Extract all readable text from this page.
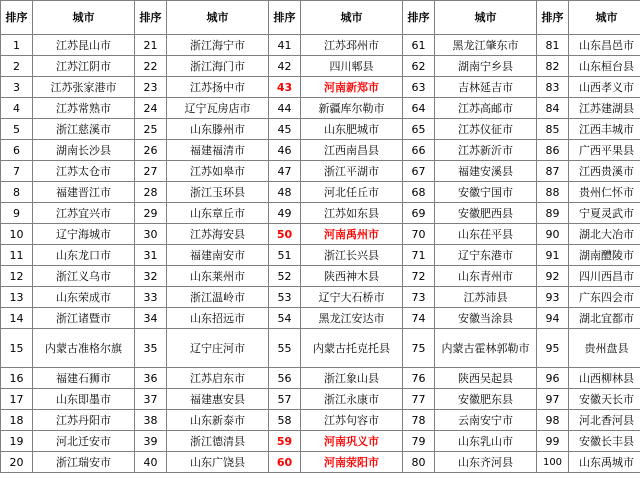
排序	城市	排序	城市	排序	城市	排序	城市	排序	城市
1	江苏昆山市	21	浙江海宁市	41	江苏邳州市	61	黑龙江肇东市	81	山东昌邑市
2	江苏江阴市	22	浙江海门市	42	四川郫县	62	湖南宁乡县	82	山东桓台县
3	江苏张家港市	23	江苏扬中市	43	河南新郑市	63	吉林延吉市	83	山西孝义市
4	江苏常熟市	24	辽宁瓦房店市	44	新疆库尔勒市	64	江苏高邮市	84	江苏建湖县
5	浙江慈溪市	25	山东滕州市	45	山东肥城市	65	江苏仪征市	85	江西丰城市
6	湖南长沙县	26	福建福清市	46	江西南昌县	66	江苏新沂市	86	广西平果县
7	江苏太仓市	27	江苏如皋市	47	浙江平湖市	67	福建安溪县	87	江西贵溪市
8	福建晋江市	28	浙江玉环县	48	河北任丘市	68	安徽宁国市	88	贵州仁怀市
9	江苏宜兴市	29	山东章丘市	49	江苏如东县	69	安徽肥西县	89	宁夏灵武市
10	辽宁海城市	30	江苏海安县	50	河南禹州市	70	山东茌平县	90	湖北大冶市
11	山东龙口市	31	福建南安市	51	浙江长兴县	71	辽宁东港市	91	湖南醴陵市
12	浙江义乌市	32	山东莱州市	52	陕西神木县	72	山东青州市	92	四川西昌市
13	山东荣成市	33	浙江温岭市	53	辽宁大石桥市	73	江苏沛县	93	广东四会市
14	浙江诸暨市	34	山东招远市	54	黑龙江安达市	74	安徽当涂县	94	湖北宜都市
15	内蒙古准格尔旗	35	辽宁庄河市	55	内蒙古托克托县	75	内蒙古霍林郭勒市	95	贵州盘县
16	福建石狮市	36	江苏启东市	56	浙江象山县	76	陕西吴起县	96	山西柳林县
17	山东即墨市	37	福建惠安县	57	浙江永康市	77	安徽肥东县	97	安徽天长市
18	江苏丹阳市	38	山东新泰市	58	江苏句容市	78	云南安宁市	98	河北香河县
19	河北迁安市	39	浙江德清县	59	河南巩义市	79	山东乳山市	99	安徽长丰县
20	浙江瑞安市	40	山东广饶县	60	河南荥阳市	80	山东齐河县	100	山东禹城市
